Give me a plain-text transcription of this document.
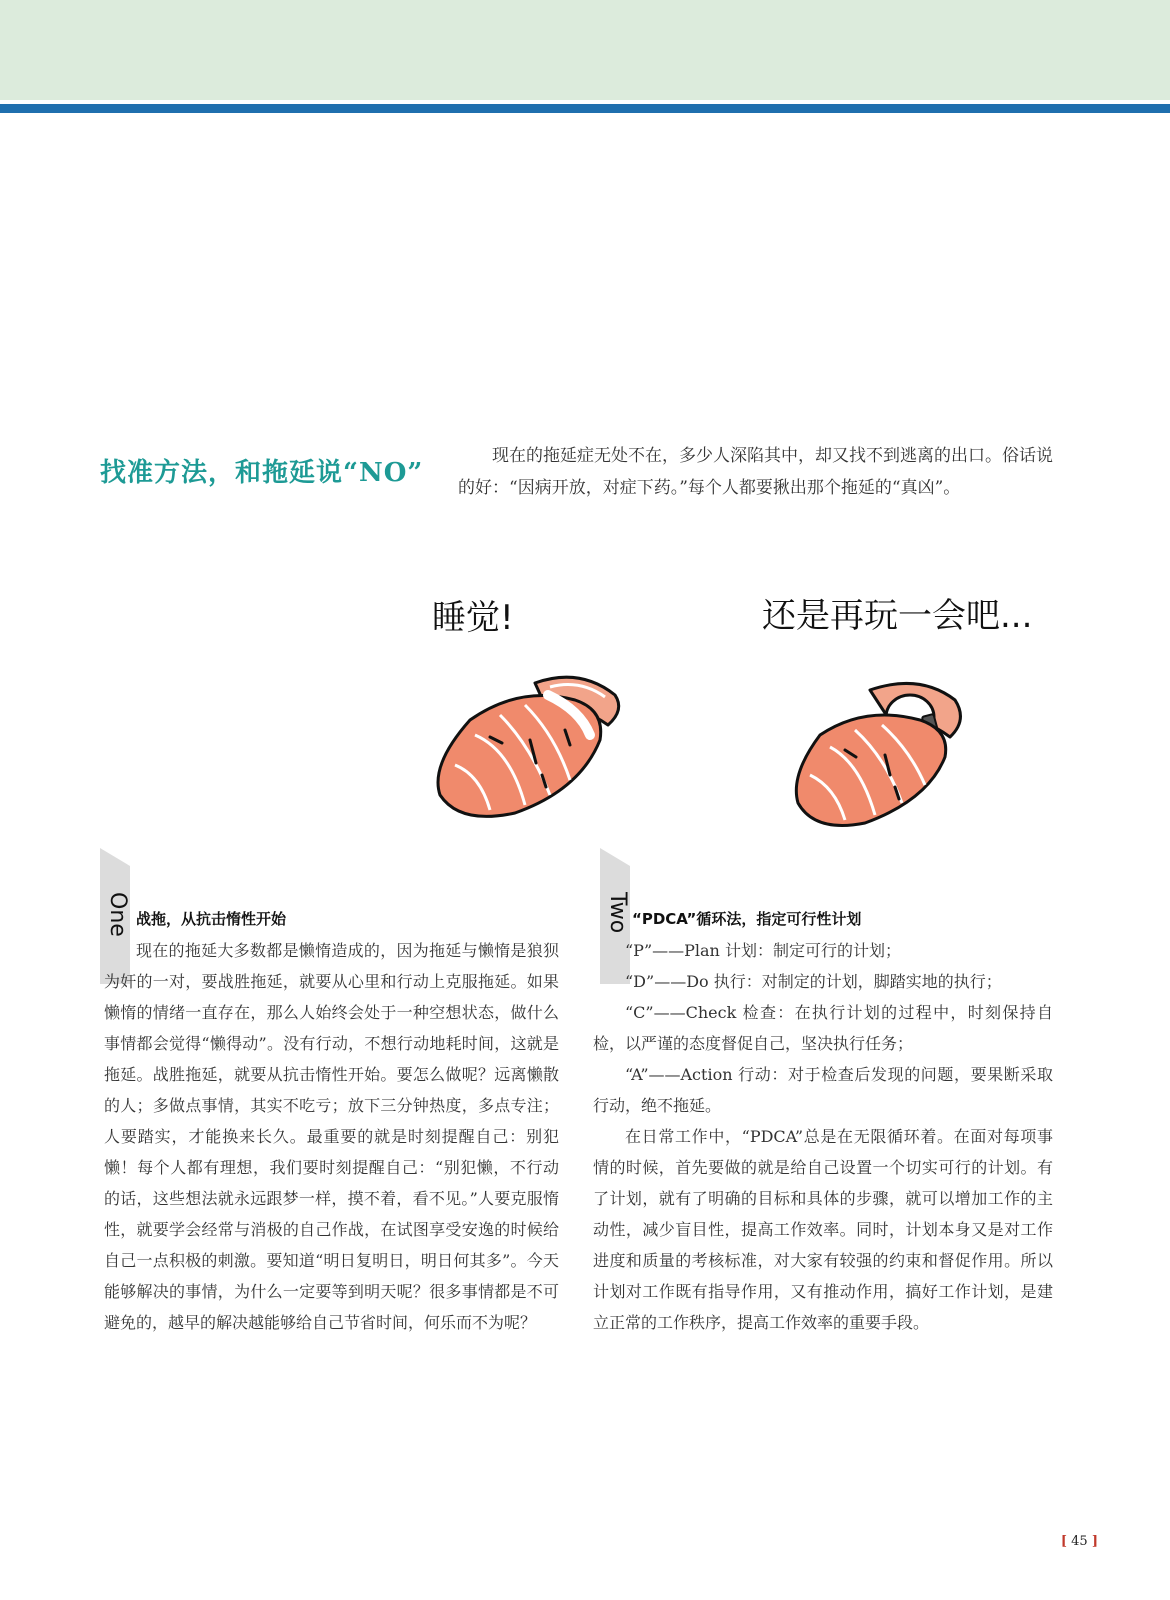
找准方法，和拖延说“NO”
现在的拖延症无处不在，多少人深陷其中，却又找不到逃离的出口。俗话说的好：“因病开放，对症下药。”每个人都要揪出那个拖延的“真凶”。
睡觉!	还是再玩一会吧...
One 战拖，从抗击惰性开始
现在的拖延大多数都是懒惰造成的，因为拖延与懒惰是狼狈为奸的一对，要战胜拖延，就要从心里和行动上克服拖延。如果懒惰的情绪一直存在，那么人始终会处于一种空想状态，做什么事情都会觉得“懒得动”。没有行动，不想行动地耗时间，这就是拖延。战胜拖延，就要从抗击惰性开始。要怎么做呢？远离懒散的人；多做点事情，其实不吃亏；放下三分钟热度，多点专注；人要踏实，才能换来长久。最重要的就是时刻提醒自己：别犯懒！每个人都有理想，我们要时刻提醒自己：“别犯懒，不行动的话，这些想法就永远跟梦一样，摸不着，看不见。”人要克服惰性，就要学会经常与消极的自己作战，在试图享受安逸的时候给自己一点积极的刺激。要知道“明日复明日，明日何其多”。今天能够解决的事情，为什么一定要等到明天呢？很多事情都是不可避免的，越早的解决越能够给自己节省时间，何乐而不为呢？
Two “PDCA”循环法，指定可行性计划

“P”——Plan 计划：制定可行的计划；

“D”——Do 执行：对制定的计划，脚踏实地的执行；

“C”——Check 检查：在执行计划的过程中，时刻保持自检，以严谨的态度督促自己，坚决执行任务；

“A”——Action 行动：对于检查后发现的问题，要果断采取行动，绝不拖延。

在日常工作中，“PDCA”总是在无限循环着。在面对每项事情的时候，首先要做的就是给自己设置一个切实可行的计划。有了计划，就有了明确的目标和具体的步骤，就可以增加工作的主动性，减少盲目性，提高工作效率。同时，计划本身又是对工作进度和质量的考核标准，对大家有较强的约束和督促作用。所以计划对工作既有指导作用，又有推动作用，搞好工作计划，是建立正常的工作秩序，提高工作效率的重要手段。

[ 45 ]
